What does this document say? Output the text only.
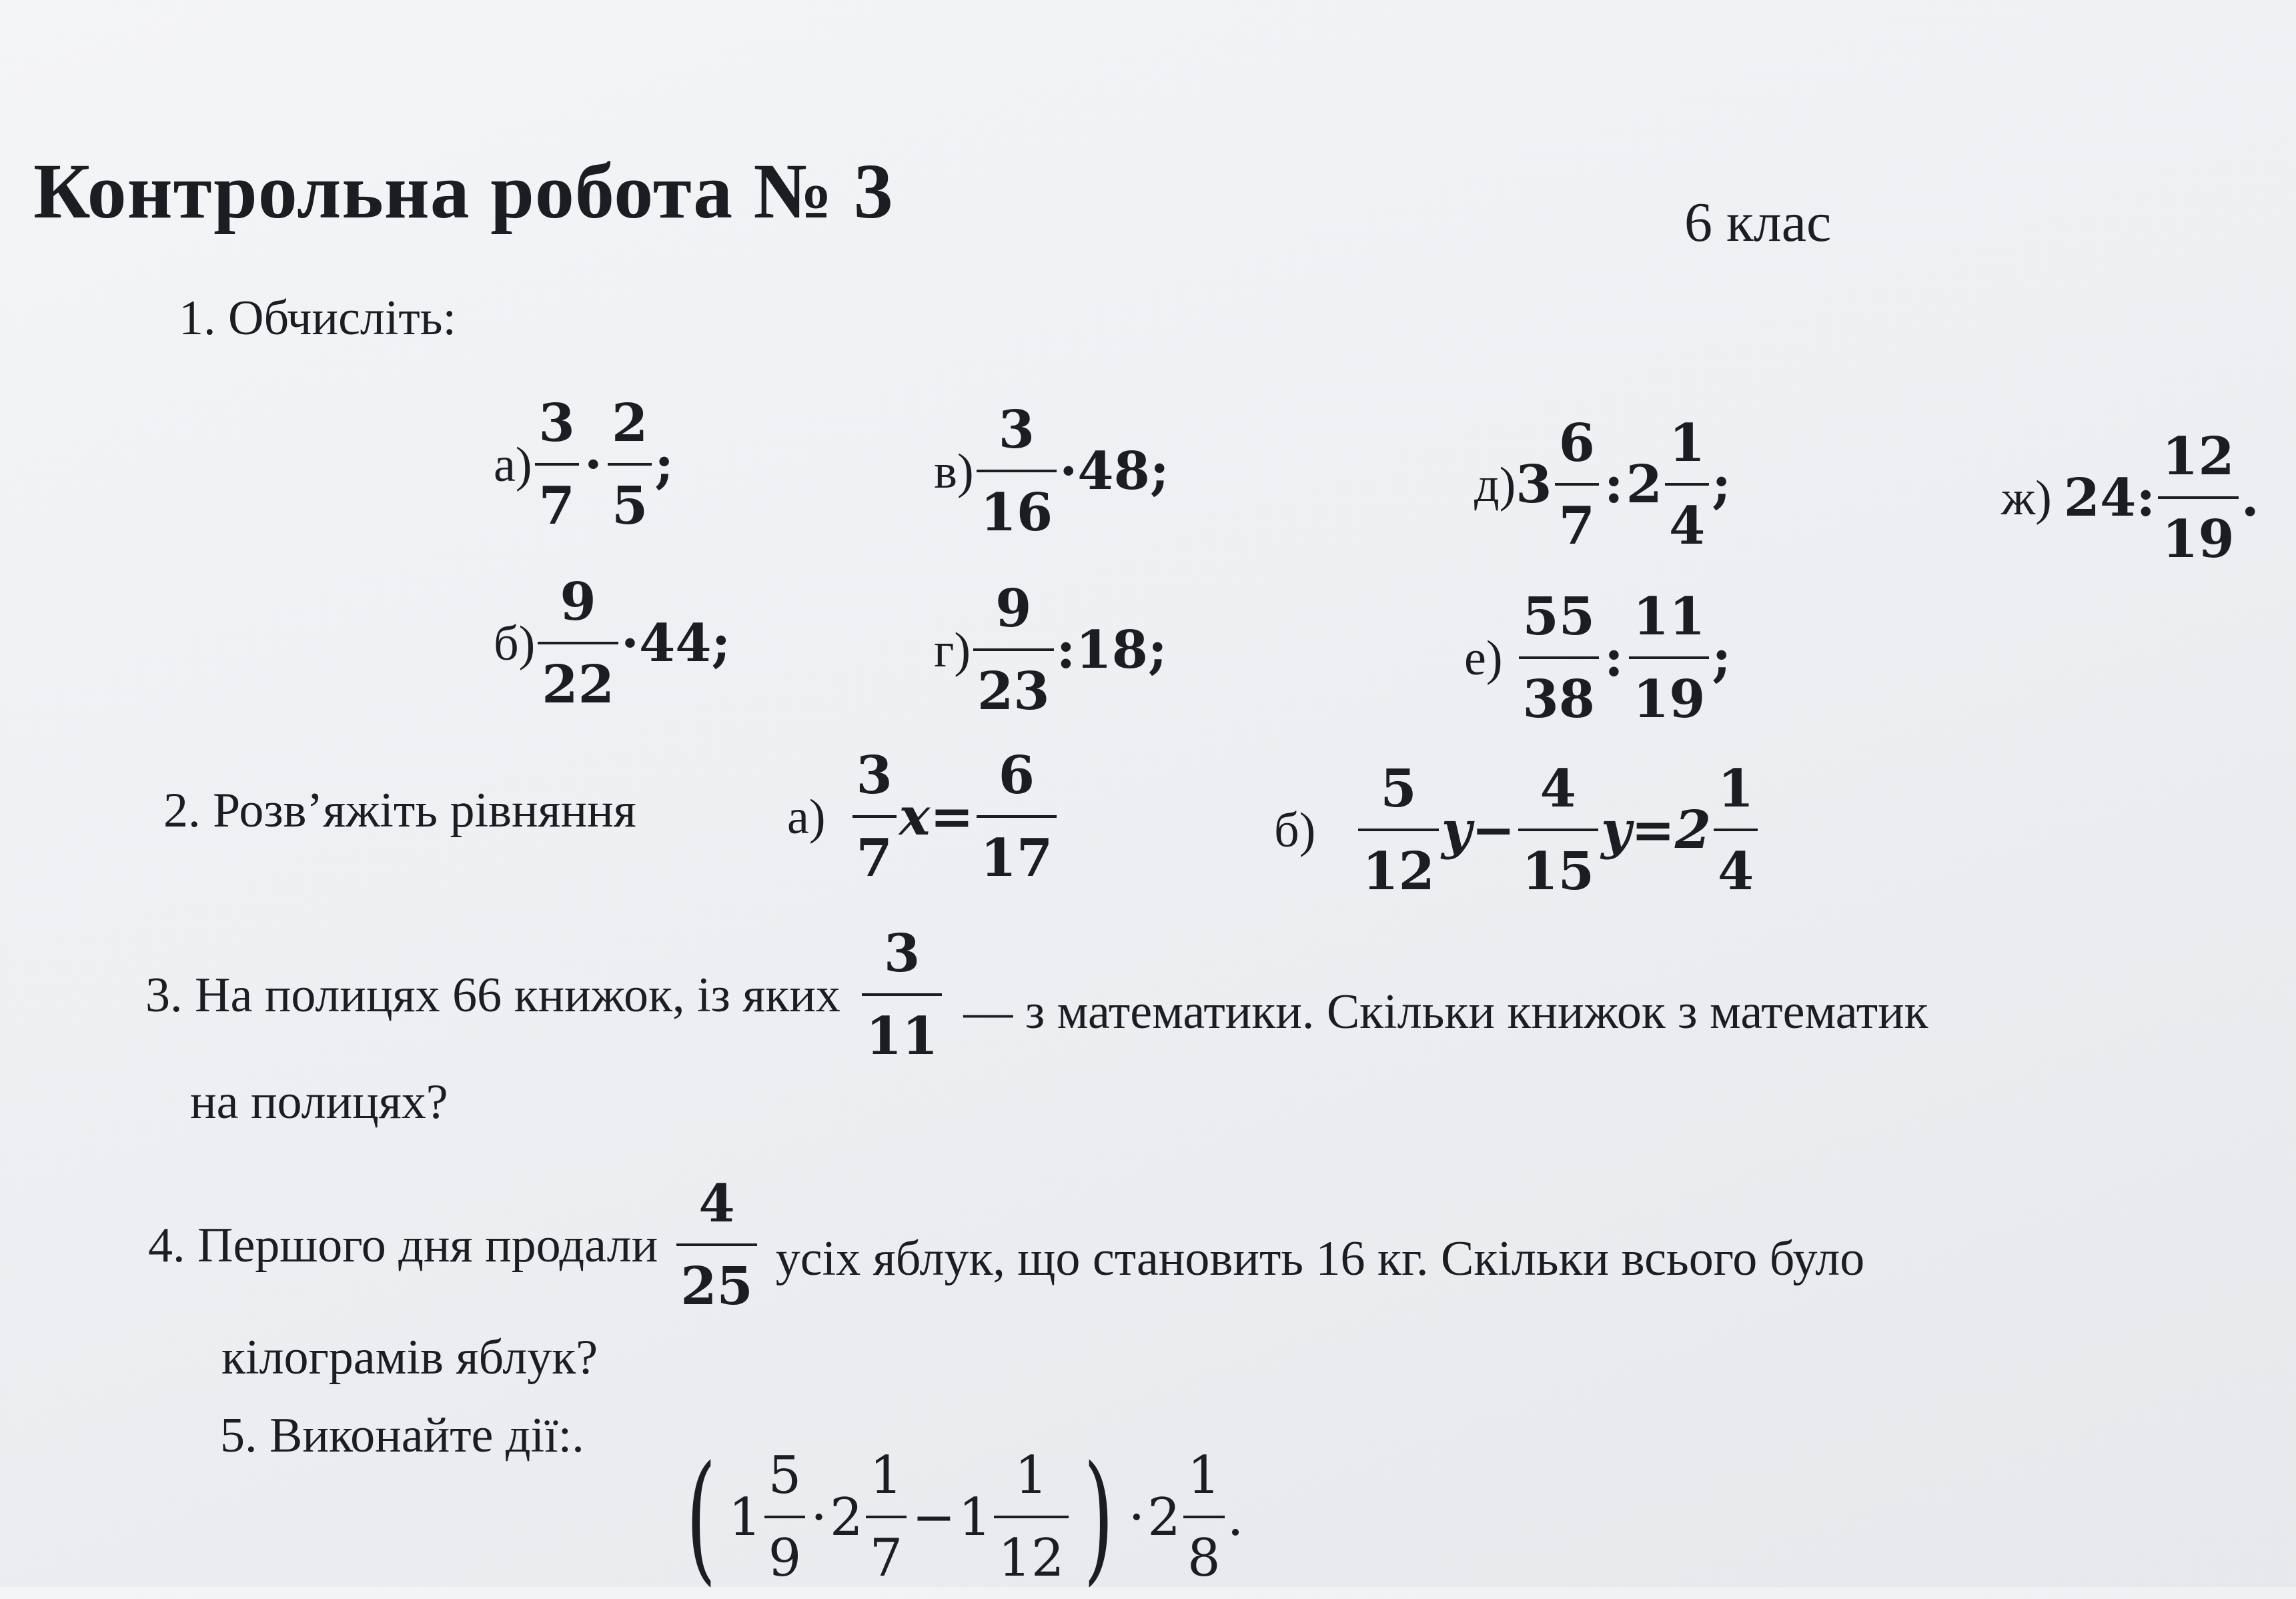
Контрольна робота № 3	6 клас
1. Обчисліть:
$а) \frac{3}{7} \cdot \frac{2}{5}$ ;
$б) \frac{9}{22} \cdot 44$ ;
$в) \frac{3}{16} \cdot 48$ ;
$г) \frac{9}{23}$ :18 ;
д) $3 \frac{6}{7}$ : $2 \frac{1}{4}$ ;
$е) \frac{55}{38}$ : $\frac{11}{19}$ ;
ж) 24: $\frac{12}{19}$ .
2. Розв’яжіть рівняння	$а) \frac{3}{7} x= \frac{6}{17}$	$б) \frac{5}{12} y- \frac{4}{15} y=2 \frac{1}{4}$
3. На полицях 66 книжок, із яких $\frac{3}{11}$ — з математики. Скільки книжок з математик
на полицях?
4. Першого дня продали $\frac{4}{25}$ усіх яблук, що становить 16 кг. Скільки всього було
кілограмів яблук?
5. Виконайте дії:. ( $1 \frac{5}{9} \cdot 2 \frac{1}{7} - 1 \frac{1}{12}$ ) · $2 \frac{1}{8}$ .
